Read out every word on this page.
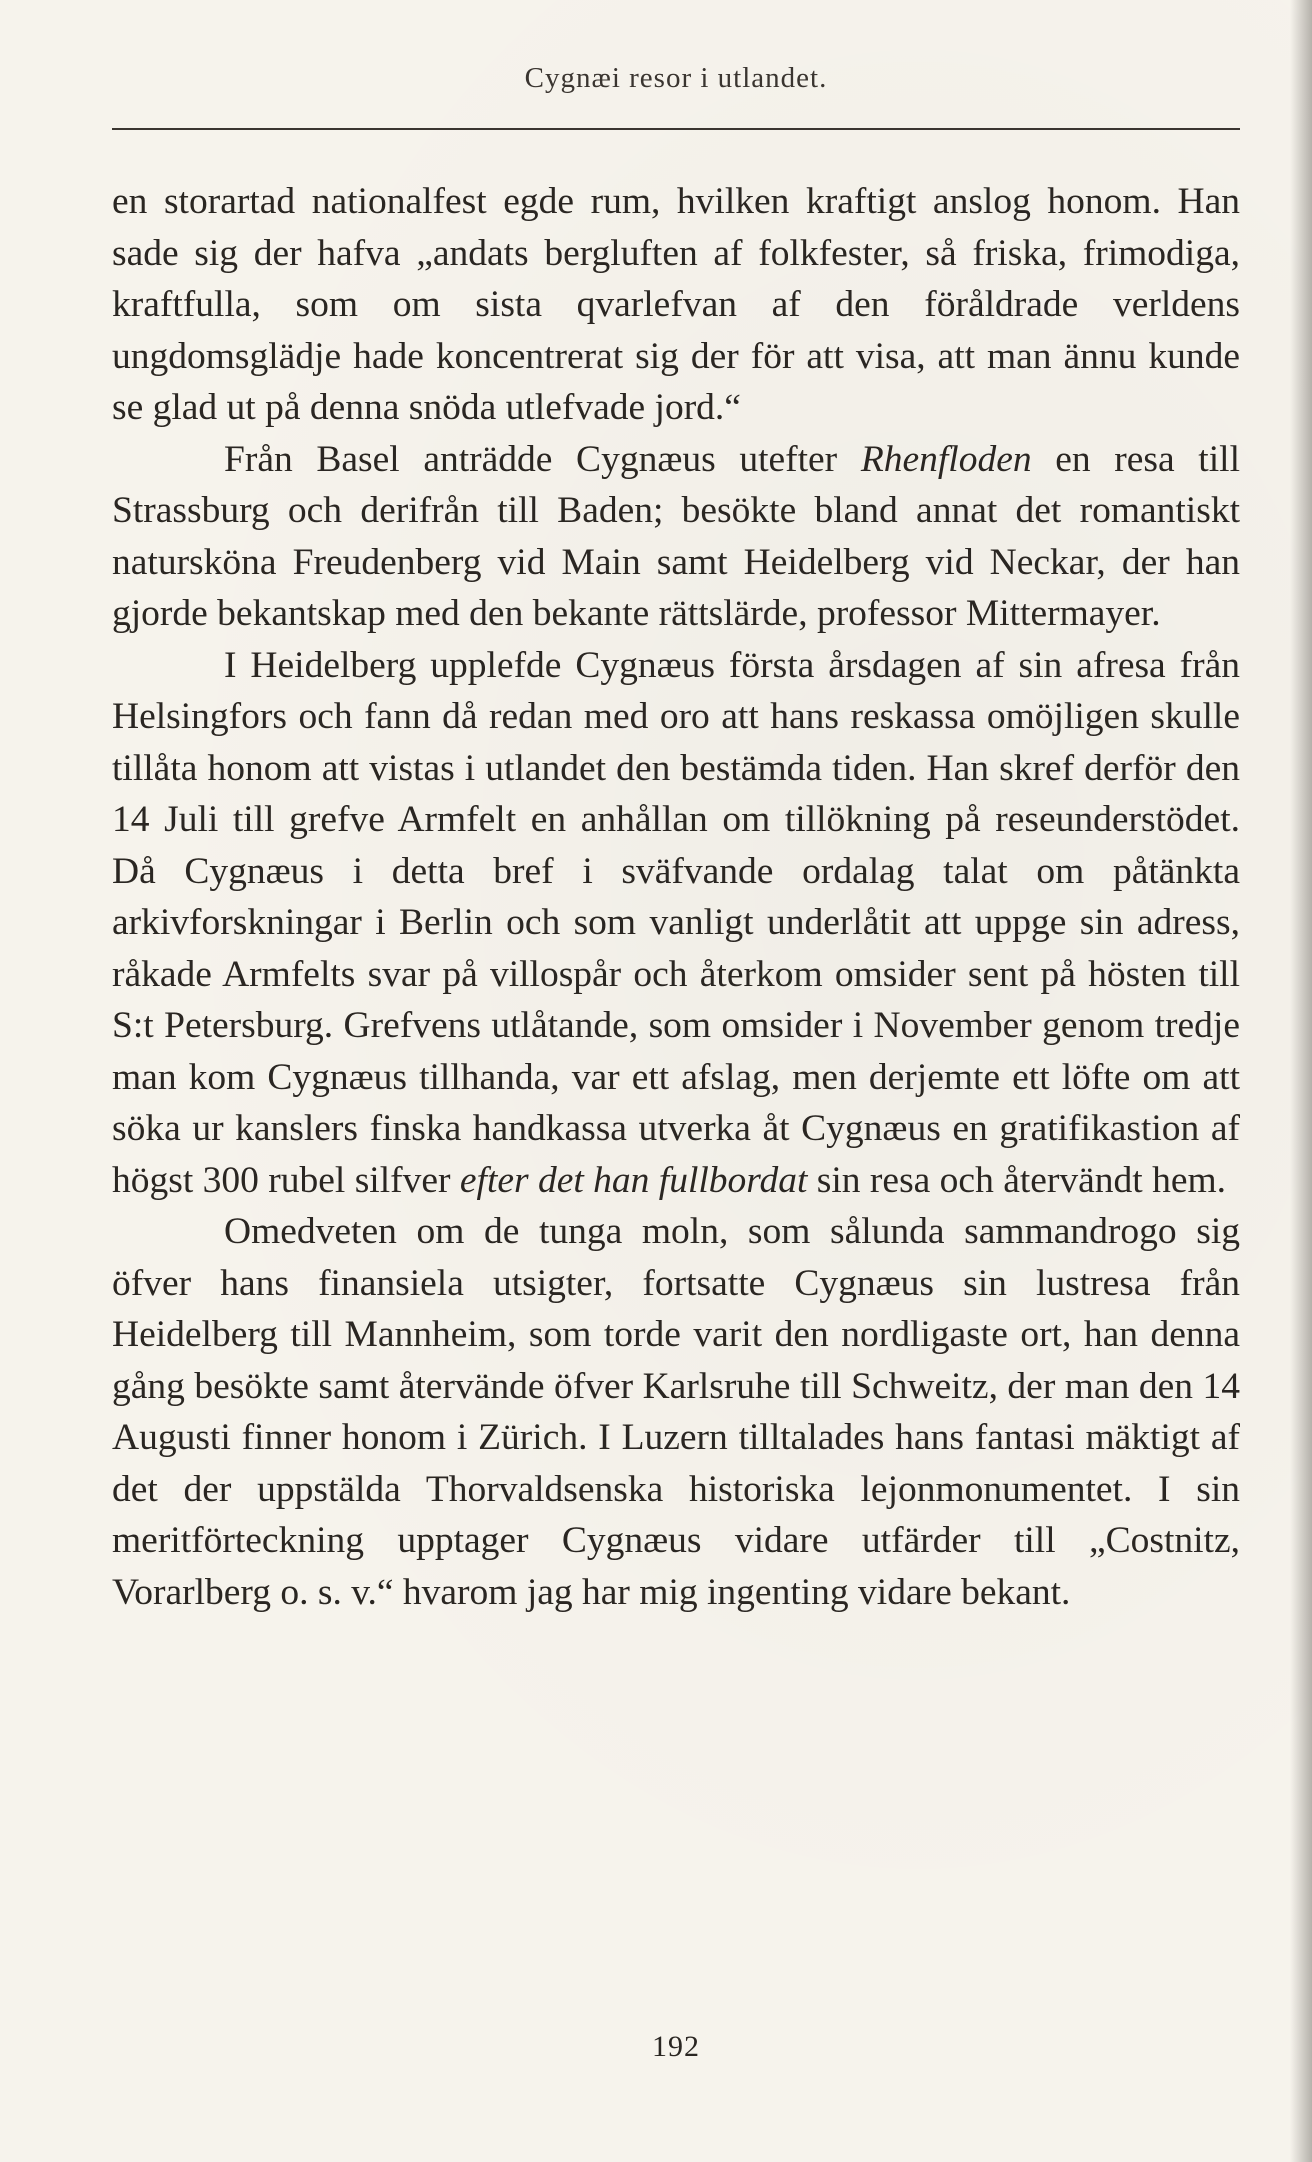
Cygnæi resor i utlandet.

en storartad nationalfest egde rum, hvilken kraftigt anslog honom. Han sade sig der hafva „andats bergluften af folkfester, så friska, frimodiga, kraftfulla, som om sista qvarlefvan af den föråldrade verldens ungdomsglädje hade koncentrerat sig der för att visa, att man ännu kunde se glad ut på denna snöda utlefvade jord.“

Från Basel anträdde Cygnæus utefter Rhenfloden en resa till Strassburg och derifrån till Baden; besökte bland annat det romantiskt natursköna Freudenberg vid Main samt Heidelberg vid Neckar, der han gjorde bekantskap med den bekante rättslärde, professor Mittermayer.

I Heidelberg upplefde Cygnæus första årsdagen af sin afresa från Helsingfors och fann då redan med oro att hans reskassa omöjligen skulle tillåta honom att vistas i utlandet den bestämda tiden. Han skref derför den 14 Juli till grefve Armfelt en anhållan om tillökning på reseunderstödet. Då Cygnæus i detta bref i sväfvande ordalag talat om påtänkta arkivforskningar i Berlin och som vanligt underlåtit att uppge sin adress, råkade Armfelts svar på villospår och återkom omsider sent på hösten till S:t Petersburg. Grefvens utlåtande, som omsider i November genom tredje man kom Cygnæus tillhanda, var ett afslag, men derjemte ett löfte om att söka ur kanslers finska handkassa utverka åt Cygnæus en gratifikastion af högst 300 rubel silfver efter det han fullbordat sin resa och återvändt hem.

Omedveten om de tunga moln, som sålunda sammandrogo sig öfver hans finansiela utsigter, fortsatte Cygnæus sin lustresa från Heidelberg till Mannheim, som torde varit den nordligaste ort, han denna gång besökte samt återvände öfver Karlsruhe till Schweitz, der man den 14 Augusti finner honom i Zürich. I Luzern tilltalades hans fantasi mäktigt af det der uppstälda Thorvaldsenska historiska lejonmonumentet. I sin meritförteckning upptager Cygnæus vidare utfärder till „Costnitz, Vorarlberg o. s. v.“ hvarom jag har mig ingenting vidare bekant.

192
